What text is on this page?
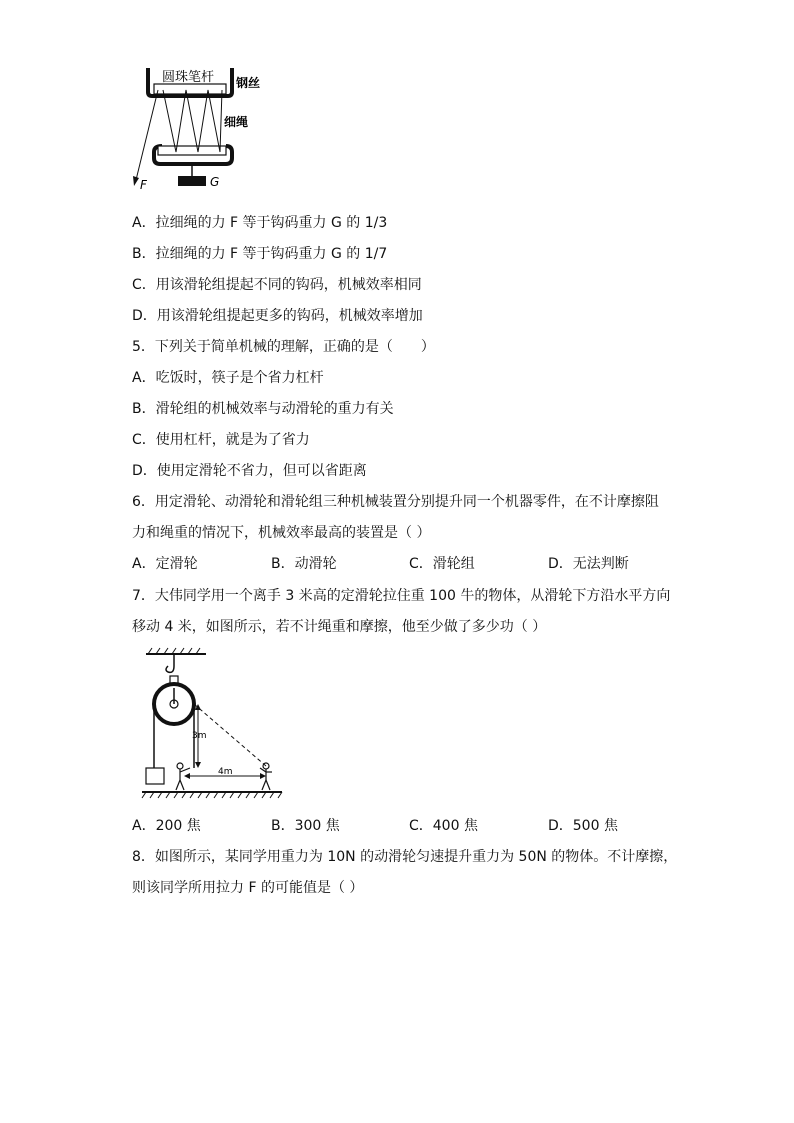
圆珠笔杆 钢丝
细绳
F	G
A．拉细绳的力 F 等于钩码重力 G 的 1/3
B．拉细绳的力 F 等于钩码重力 G 的 1/7
C．用该滑轮组提起不同的钩码，机械效率相同
D．用该滑轮组提起更多的钩码，机械效率增加
5．下列关于简单机械的理解，正确的是（　　）
A．吃饭时，筷子是个省力杠杆
B．滑轮组的机械效率与动滑轮的重力有关
C．使用杠杆，就是为了省力
D．使用定滑轮不省力，但可以省距离
6．用定滑轮、动滑轮和滑轮组三种机械装置分别提升同一个机器零件，在不计摩擦阻
力和绳重的情况下，机械效率最高的装置是（ ）
A．定滑轮	B．动滑轮	C．滑轮组	D．无法判断
7．大伟同学用一个离手 3 米高的定滑轮拉住重 100 牛的物体，从滑轮下方沿水平方向
移动 4 米，如图所示，若不计绳重和摩擦，他至少做了多少功（ ）
3m
4m
A．200 焦	B．300 焦	C．400 焦	D．500 焦
8．如图所示，某同学用重力为 10N 的动滑轮匀速提升重力为 50N 的物体。不计摩擦，
则该同学所用拉力 F 的可能值是（ ）
